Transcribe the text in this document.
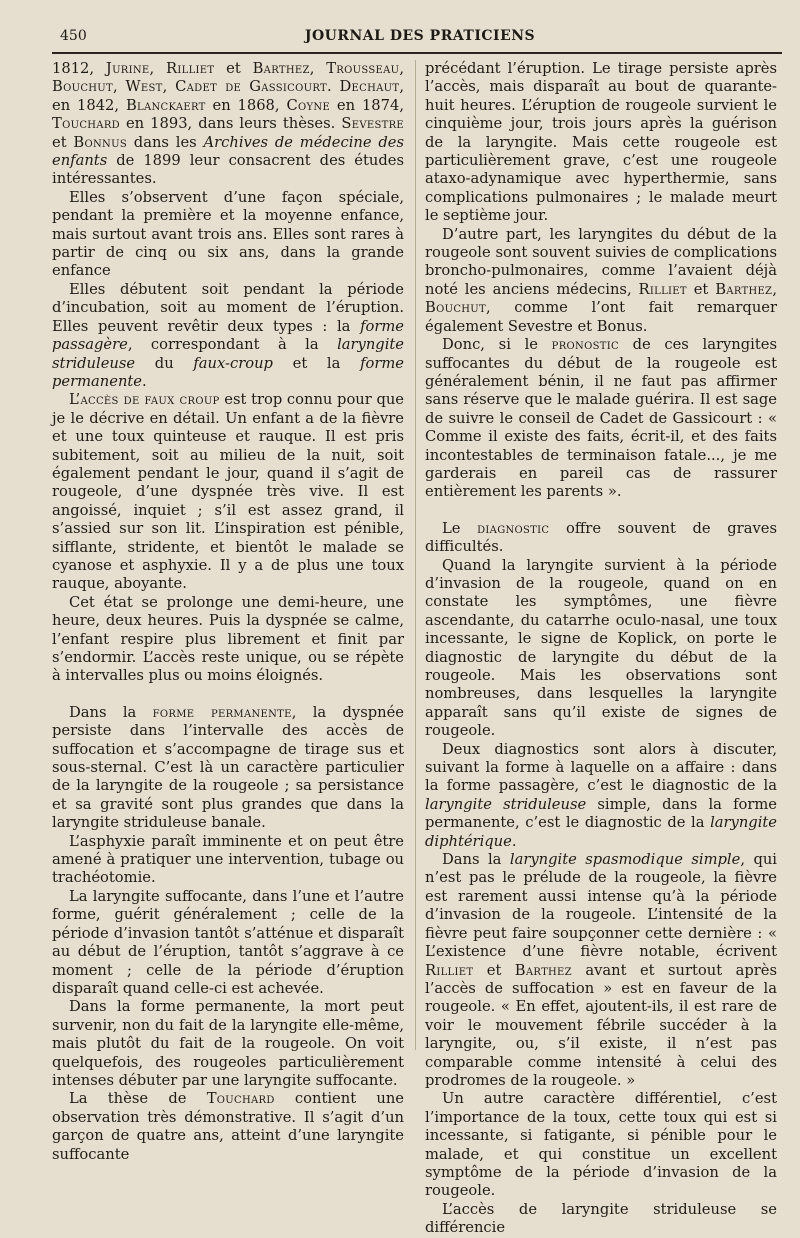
450	JOURNAL DES PRATICIENS

1812, Jurine, Rilliet et Barthez, Trousseau, Bouchut, West, Cadet de Gassicourt. Dechaut, en 1842, Blanckaert en 1868, Coyne en 1874, Touchard en 1893, dans leurs thèses. Sevestre et Bonnus dans les Archives de médecine des enfants de 1899 leur consacrent des études intéressantes.

Elles s’observent d’une façon spéciale, pendant la première et la moyenne enfance, mais surtout avant trois ans. Elles sont rares à partir de cinq ou six ans, dans la grande enfance

Elles débutent soit pendant la période d’incubation, soit au moment de l’éruption. Elles peuvent revêtir deux types : la forme passagère, correspondant à la laryngite striduleuse du faux-croup et la forme permanente.

L’accès de faux croup est trop connu pour que je le décrive en détail. Un enfant a de la fièvre et une toux quinteuse et rauque. Il est pris subitement, soit au milieu de la nuit, soit également pendant le jour, quand il s’agit de rougeole, d’une dyspnée très vive. Il est angoissé, inquiet ; s’il est assez grand, il s’assied sur son lit. L’inspiration est pénible, sifflante, stridente, et bientôt le malade se cyanose et asphyxie. Il y a de plus une toux rauque, aboyante.

Cet état se prolonge une demi-heure, une heure, deux heures. Puis la dyspnée se calme, l’enfant respire plus librement et finit par s’endormir. L’accès reste unique, ou se répète à intervalles plus ou moins éloignés.

Dans la forme permanente, la dyspnée persiste dans l’intervalle des accès de suffocation et s’accompagne de tirage sus et sous-sternal. C’est là un caractère particulier de la laryngite de la rougeole ; sa persistance et sa gravité sont plus grandes que dans la laryngite striduleuse banale.

L’asphyxie paraît imminente et on peut être amené à pratiquer une intervention, tubage ou trachéotomie.

La laryngite suffocante, dans l’une et l’autre forme, guérit généralement ; celle de la période d’invasion tantôt s’atténue et disparaît au début de l’éruption, tantôt s’aggrave à ce moment ; celle de la période d’éruption disparaît quand celle-ci est achevée.

Dans la forme permanente, la mort peut survenir, non du fait de la laryngite elle-même, mais plutôt du fait de la rougeole. On voit quelquefois, des rougeoles particulièrement intenses débuter par une laryngite suffocante.

La thèse de Touchard contient une observation très démonstrative. Il s’agit d’un garçon de quatre ans, atteint d’une laryngite suffocante

précédant l’éruption. Le tirage persiste après l’accès, mais disparaît au bout de quarante-huit heures. L’éruption de rougeole survient le cinquième jour, trois jours après la guérison de la laryngite. Mais cette rougeole est particulièrement grave, c’est une rougeole ataxo-adynamique avec hyperthermie, sans complications pulmonaires ; le malade meurt le septième jour.

D’autre part, les laryngites du début de la rougeole sont souvent suivies de complications broncho-pulmonaires, comme l’avaient déjà noté les anciens médecins, Rilliet et Barthez, Bouchut, comme l’ont fait remarquer également Sevestre et Bonus.

Donc, si le pronostic de ces laryngites suffocantes du début de la rougeole est généralement bénin, il ne faut pas affirmer sans réserve que le malade guérira. Il est sage de suivre le conseil de Cadet de Gassicourt : « Comme il existe des faits, écrit-il, et des faits incontestables de terminaison fatale..., je me garderais en pareil cas de rassurer entièrement les parents ».

Le diagnostic offre souvent de graves difficultés.

Quand la laryngite survient à la période d’invasion de la rougeole, quand on en constate les symptômes, une fièvre ascendante, du catarrhe oculo-nasal, une toux incessante, le signe de Koplick, on porte le diagnostic de laryngite du début de la rougeole. Mais les observations sont nombreuses, dans lesquelles la laryngite apparaît sans qu’il existe de signes de rougeole.

Deux diagnostics sont alors à discuter, suivant la forme à laquelle on a affaire : dans la forme passagère, c’est le diagnostic de la laryngite striduleuse simple, dans la forme permanente, c’est le diagnostic de la laryngite diphtérique.

Dans la laryngite spasmodique simple, qui n’est pas le prélude de la rougeole, la fièvre est rarement aussi intense qu’à la période d’invasion de la rougeole. L’intensité de la fièvre peut faire soupçonner cette dernière : « L’existence d’une fièvre notable, écrivent Rilliet et Barthez avant et surtout après l’accès de suffocation » est en faveur de la rougeole. « En effet, ajoutent-ils, il est rare de voir le mouvement fébrile succéder à la laryngite, ou, s’il existe, il n’est pas comparable comme intensité à celui des prodromes de la rougeole. »

Un autre caractère différentiel, c’est l’importance de la toux, cette toux qui est si incessante, si fatigante, si pénible pour le malade, et qui constitue un excellent symptôme de la période d’invasion de la rougeole.

L’accès de laryngite striduleuse se différencie
